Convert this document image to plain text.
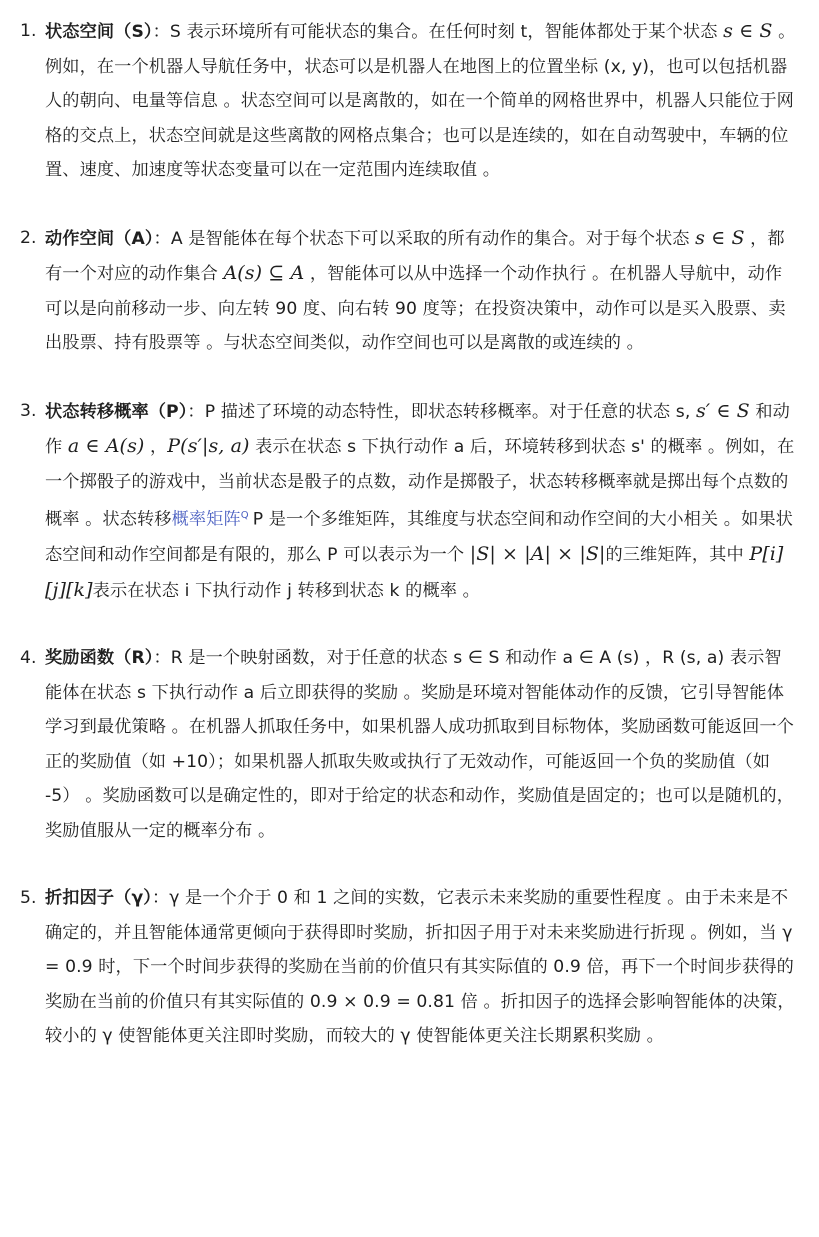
1. 状态空间（S）：S 表示环境所有可能状态的集合。在任何时刻 t，智能体都处于某个状态 s ∈ S 。例如，在一个机器人导航任务中，状态可以是机器人在地图上的位置坐标 (x, y)，也可以包括机器人的朝向、电量等信息 。状态空间可以是离散的，如在一个简单的网格世界中，机器人只能位于网格的交点上，状态空间就是这些离散的网格点集合；也可以是连续的，如在自动驾驶中，车辆的位置、速度、加速度等状态变量可以在一定范围内连续取值 。
2. 动作空间（A）：A 是智能体在每个状态下可以采取的所有动作的集合。对于每个状态 s ∈ S ，都有一个对应的动作集合 A(s) ⊆ A ，智能体可以从中选择一个动作执行 。在机器人导航中，动作可以是向前移动一步、向左转 90 度、向右转 90 度等；在投资决策中，动作可以是买入股票、卖出股票、持有股票等 。与状态空间类似，动作空间也可以是离散的或连续的 。
3. 状态转移概率（P）：P 描述了环境的动态特性，即状态转移概率。对于任意的状态 s, s′ ∈ S 和动作 a ∈ A(s) ，P(s′|s, a) 表示在状态 s 下执行动作 a 后，环境转移到状态 s' 的概率 。例如，在一个掷骰子的游戏中，当前状态是骰子的点数，动作是掷骰子，状态转移概率就是掷出每个点数的概率 。状态转移概率矩阵$^Q$ P 是一个多维矩阵，其维度与状态空间和动作空间的大小相关 。如果状态空间和动作空间都是有限的，那么 P 可以表示为一个 |S| × |A| × |S|的三维矩阵，其中 P[i][j][k]表示在状态 i 下执行动作 j 转移到状态 k 的概率 。
4. 奖励函数（R）：R 是一个映射函数，对于任意的状态 s ∈ S 和动作 a ∈ A (s) ，R (s, a) 表示智能体在状态 s 下执行动作 a 后立即获得的奖励 。奖励是环境对智能体动作的反馈，它引导智能体学习到最优策略 。在机器人抓取任务中，如果机器人成功抓取到目标物体，奖励函数可能返回一个正的奖励值（如 +10）；如果机器人抓取失败或执行了无效动作，可能返回一个负的奖励值（如 -5） 。奖励函数可以是确定性的，即对于给定的状态和动作，奖励值是固定的；也可以是随机的，奖励值服从一定的概率分布 。
5. 折扣因子（γ）：γ 是一个介于 0 和 1 之间的实数，它表示未来奖励的重要性程度 。由于未来是不确定的，并且智能体通常更倾向于获得即时奖励，折扣因子用于对未来奖励进行折现 。例如，当 γ = 0.9 时，下一个时间步获得的奖励在当前的价值只有其实际值的 0.9 倍，再下一个时间步获得的奖励在当前的价值只有其实际值的 0.9 × 0.9 = 0.81 倍 。折扣因子的选择会影响智能体的决策，较小的 γ 使智能体更关注即时奖励，而较大的 γ 使智能体更关注长期累积奖励 。
